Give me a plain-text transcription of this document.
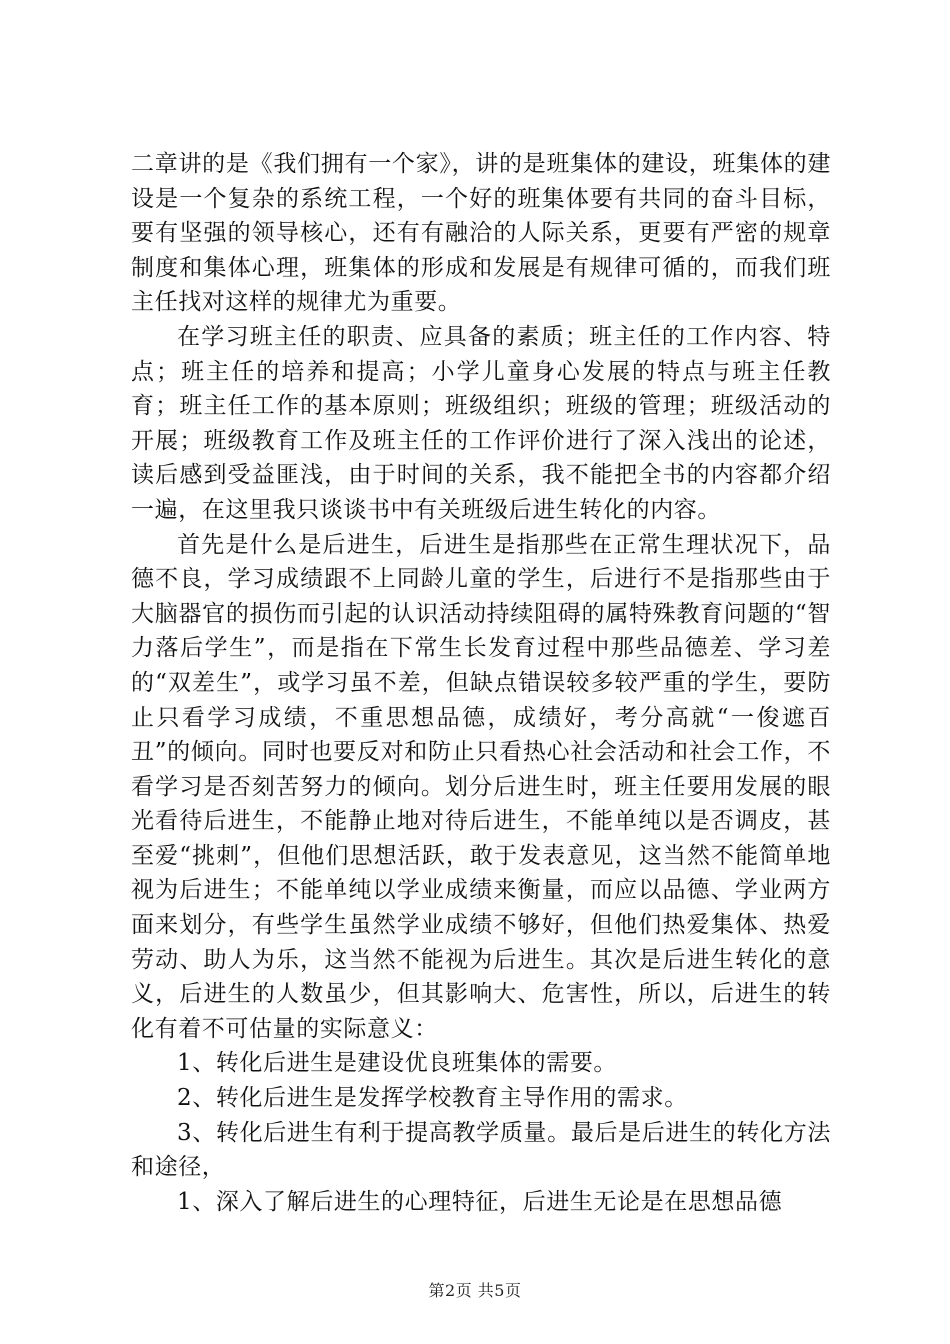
二章讲的是《我们拥有一个家》，讲的是班集体的建设，班集体的建设是一个复杂的系统工程，一个好的班集体要有共同的奋斗目标，要有坚强的领导核心，还有有融洽的人际关系，更要有严密的规章制度和集体心理，班集体的形成和发展是有规律可循的，而我们班主任找对这样的规律尤为重要。

在学习班主任的职责、应具备的素质；班主任的工作内容、特点；班主任的培养和提高；小学儿童身心发展的特点与班主任教育；班主任工作的基本原则；班级组织；班级的管理；班级活动的开展；班级教育工作及班主任的工作评价进行了深入浅出的论述，读后感到受益匪浅，由于时间的关系，我不能把全书的内容都介绍一遍，在这里我只谈谈书中有关班级后进生转化的内容。

首先是什么是后进生，后进生是指那些在正常生理状况下，品德不良，学习成绩跟不上同龄儿童的学生，后进行不是指那些由于大脑器官的损伤而引起的认识活动持续阻碍的属特殊教育问题的“智力落后学生”，而是指在下常生长发育过程中那些品德差、学习差的“双差生”，或学习虽不差，但缺点错误较多较严重的学生，要防止只看学习成绩，不重思想品德，成绩好，考分高就“一俊遮百丑”的倾向。同时也要反对和防止只看热心社会活动和社会工作，不看学习是否刻苦努力的倾向。划分后进生时，班主任要用发展的眼光看待后进生，不能静止地对待后进生，不能单纯以是否调皮，甚至爱“挑刺”，但他们思想活跃，敢于发表意见，这当然不能简单地视为后进生；不能单纯以学业成绩来衡量，而应以品德、学业两方面来划分，有些学生虽然学业成绩不够好，但他们热爱集体、热爱劳动、助人为乐，这当然不能视为后进生。其次是后进生转化的意义，后进生的人数虽少，但其影响大、危害性，所以，后进生的转化有着不可估量的实际意义：

1、转化后进生是建设优良班集体的需要。

2、转化后进生是发挥学校教育主导作用的需求。

3、转化后进生有利于提高教学质量。最后是后进生的转化方法和途径，

1、深入了解后进生的心理特征，后进生无论是在思想品德

第2页 共5页
